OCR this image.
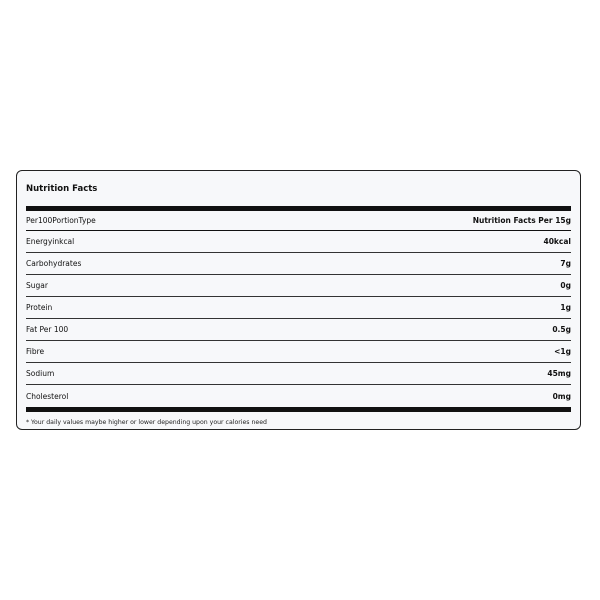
Nutrition Facts
Per100PortionType	Nutrition Facts Per 15g
Energyinkcal	40kcal
Carbohydrates	7g
Sugar	0g
Protein	1g
Fat Per 100	0.5g
Fibre	<1g
Sodium	45mg
Cholesterol	0mg
* Your daily values maybe higher or lower depending upon your calories need
